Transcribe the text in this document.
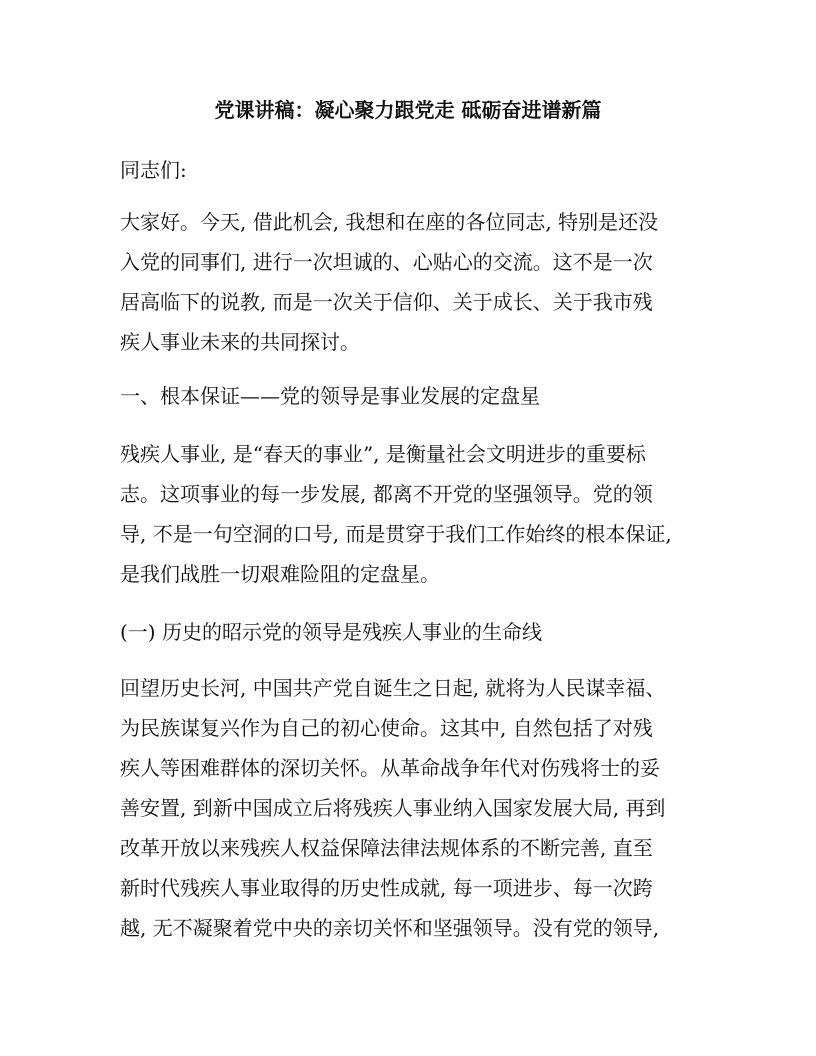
党课讲稿：凝心聚力跟党走 砥砺奋进谱新篇

同志们:

大家好。今天, 借此机会, 我想和在座的各位同志, 特别是还没
入党的同事们, 进行一次坦诚的、心贴心的交流。这不是一次
居高临下的说教, 而是一次关于信仰、关于成长、关于我市残
疾人事业未来的共同探讨。

一、根本保证——党的领导是事业发展的定盘星

残疾人事业, 是“春天的事业”, 是衡量社会文明进步的重要标
志。这项事业的每一步发展, 都离不开党的坚强领导。党的领
导, 不是一句空洞的口号, 而是贯穿于我们工作始终的根本保证,
是我们战胜一切艰难险阻的定盘星。

(一) 历史的昭示党的领导是残疾人事业的生命线

回望历史长河, 中国共产党自诞生之日起, 就将为人民谋幸福、
为民族谋复兴作为自己的初心使命。这其中, 自然包括了对残
疾人等困难群体的深切关怀。从革命战争年代对伤残将士的妥
善安置, 到新中国成立后将残疾人事业纳入国家发展大局, 再到
改革开放以来残疾人权益保障法律法规体系的不断完善, 直至
新时代残疾人事业取得的历史性成就, 每一项进步、每一次跨
越, 无不凝聚着党中央的亲切关怀和坚强领导。没有党的领导,
